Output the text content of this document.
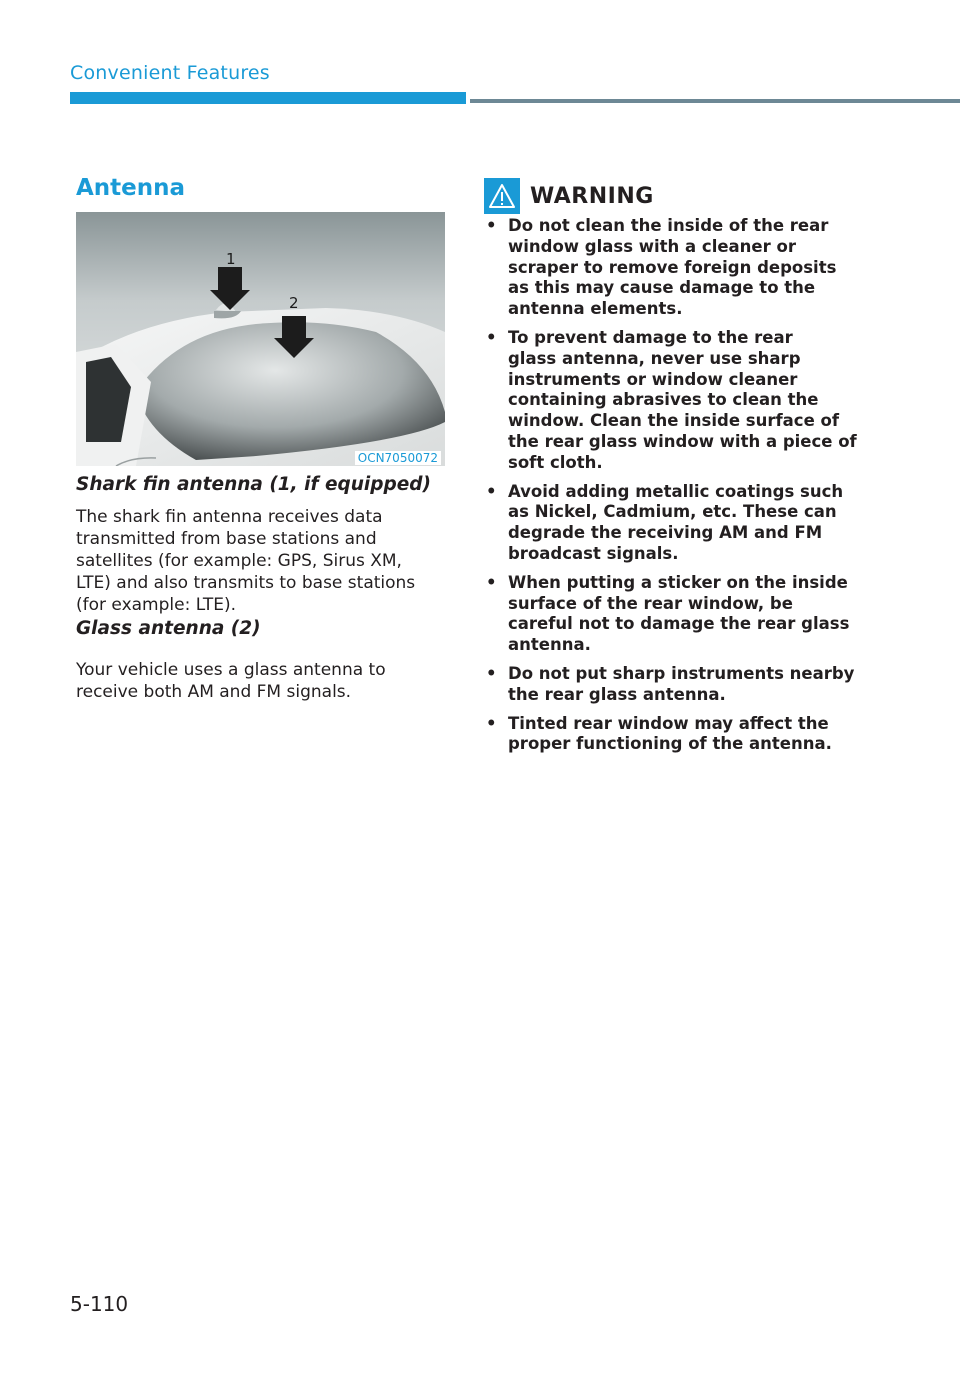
Convenient Features
Antenna
1
2
OCN7050072
Shark fin antenna (1, if equipped)
The shark fin antenna receives data
transmitted from base stations and
satellites (for example: GPS, Sirus XM,
LTE) and also transmits to base stations
(for example: LTE).
Glass antenna (2)
Your vehicle uses a glass antenna to
receive both AM and FM signals.
WARNING
• Do not clean the inside of the rear
window glass with a cleaner or
scraper to remove foreign deposits
as this may cause damage to the
antenna elements.
• To prevent damage to the rear
glass antenna, never use sharp
instruments or window cleaner
containing abrasives to clean the
window. Clean the inside surface of
the rear glass window with a piece of
soft cloth.
• Avoid adding metallic coatings such
as Nickel, Cadmium, etc. These can
degrade the receiving AM and FM
broadcast signals.
• When putting a sticker on the inside
surface of the rear window, be
careful not to damage the rear glass
antenna.
• Do not put sharp instruments nearby
the rear glass antenna.
• Tinted rear window may affect the
proper functioning of the antenna.
5-110
